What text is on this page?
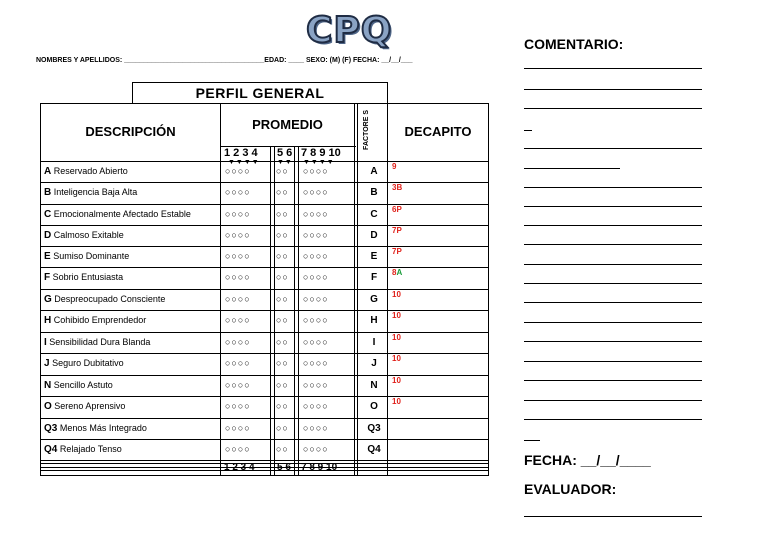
CPQ
NOMBRES Y APELLIDOS: ____________________________________EDAD: ____ SEXO: (M) (F) FECHA: __/__/___
PERFIL GENERAL
DESCRIPCIÓN	PROMEDIO	FACTORE S	DECAPITO
1 2 3 4 5 6 7 8 9 10
▼▼▼▼ ▼▼ ▼▼▼▼
A Reservado Abierto	○○○○	○○ ○○○○	A	9
B Inteligencia Baja Alta	○○○○	○○ ○○○○	B	3B
C Emocionalmente Afectado Estable	○○○○	○○ ○○○○	C	6P
D Calmoso Exitable	○○○○	○○ ○○○○	D	7P
E Sumiso Dominante	○○○○	○○ ○○○○	E	7P
F Sobrio Entusiasta	○○○○	○○ ○○○○	F	8A
G Despreocupado Consciente	○○○○	○○ ○○○○	G	10
H Cohibido Emprendedor	○○○○	○○ ○○○○	H	10
I Sensibilidad Dura Blanda	○○○○	○○ ○○○○	I	10
J Seguro Dubitativo	○○○○	○○ ○○○○	J	10
N Sencillo Astuto	○○○○	○○ ○○○○	N	10
O Sereno Aprensivo	○○○○	○○ ○○○○	O	10
Q3 Menos Más Integrado	○○○○	○○ ○○○○	Q3
Q4 Relajado Tenso	○○○○	○○ ○○○○	Q4
1 2 3 4 5 6 7 8 9 10
COMENTARIO:
FECHA: __/__/____
EVALUADOR:
